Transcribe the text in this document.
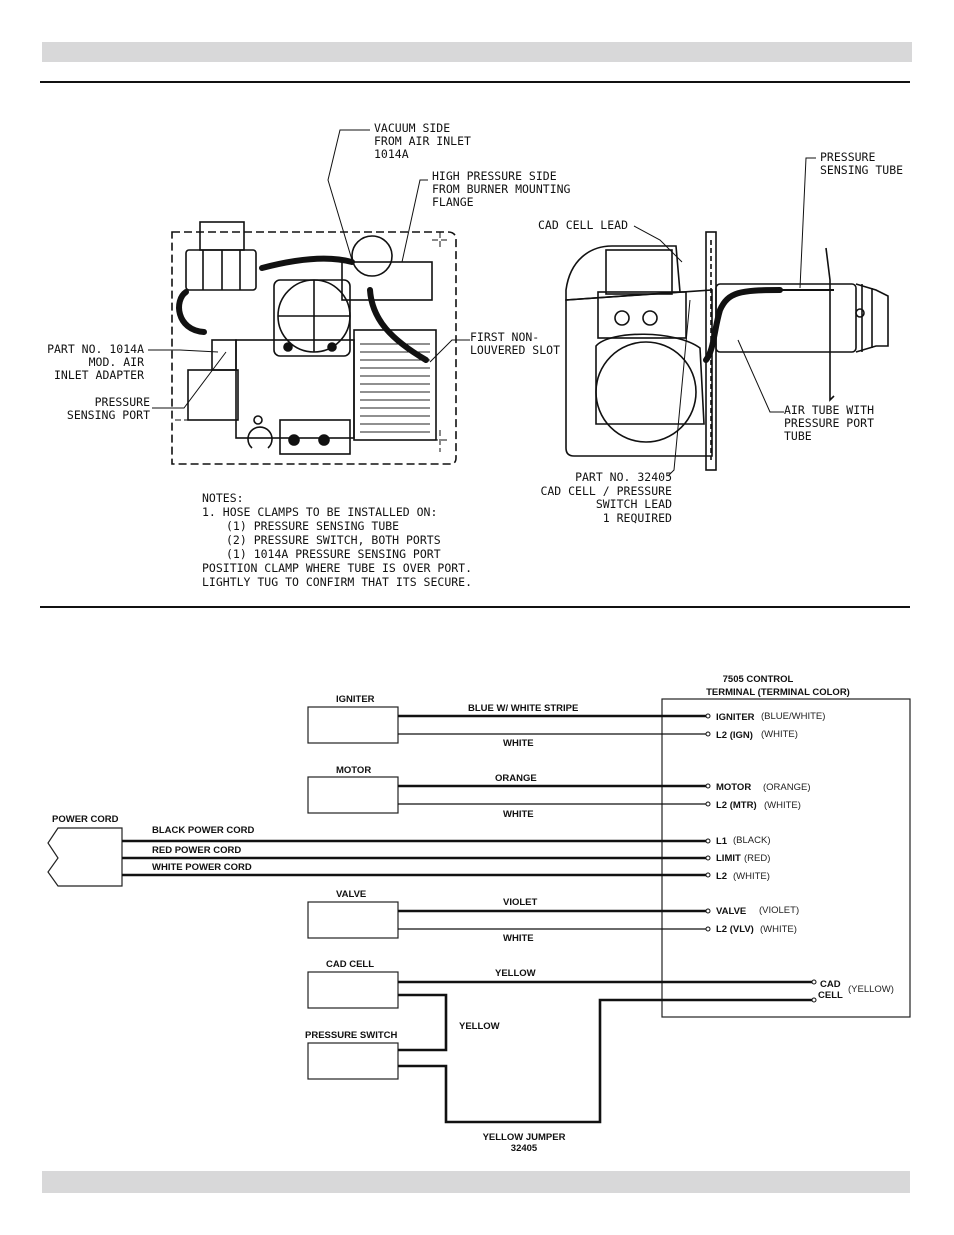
VACUUM SIDE
FROM AIR INLET
1014A
HIGH PRESSURE SIDE
FROM BURNER MOUNTING
FLANGE
PRESSURE
SENSING TUBE
CAD CELL LEAD
PART NO. 1014A
MOD. AIR
INLET ADAPTER
PRESSURE
SENSING PORT
FIRST NON-
LOUVERED SLOT
AIR TUBE WITH
PRESSURE PORT
TUBE
PART NO. 32405
CAD CELL / PRESSURE
SWITCH LEAD
1 REQUIRED
NOTES:
1. HOSE CLAMPS TO BE INSTALLED ON:
(1) PRESSURE SENSING TUBE
(2) PRESSURE SWITCH, BOTH PORTS
(1) 1014A PRESSURE SENSING PORT
POSITION CLAMP WHERE TUBE IS OVER PORT.
LIGHTLY TUG TO CONFIRM THAT ITS SECURE.
7505 CONTROL
TERMINAL (TERMINAL COLOR)
IGNITER
MOTOR
VALVE
CAD CELL
PRESSURE SWITCH
POWER CORD
BLUE W/ WHITE STRIPE
WHITE
ORANGE
WHITE
BLACK POWER CORD
RED POWER CORD
WHITE POWER CORD
VIOLET
WHITE
YELLOW
YELLOW
YELLOW JUMPER
32405
IGNITER (BLUE/WHITE)
L2 (IGN) (WHITE)
MOTOR (ORANGE)
L2 (MTR) (WHITE)
L1 (BLACK)
LIMIT (RED)
L2 (WHITE)
VALVE (VIOLET)
L2 (VLV) (WHITE)
CAD
CELL
(YELLOW)
